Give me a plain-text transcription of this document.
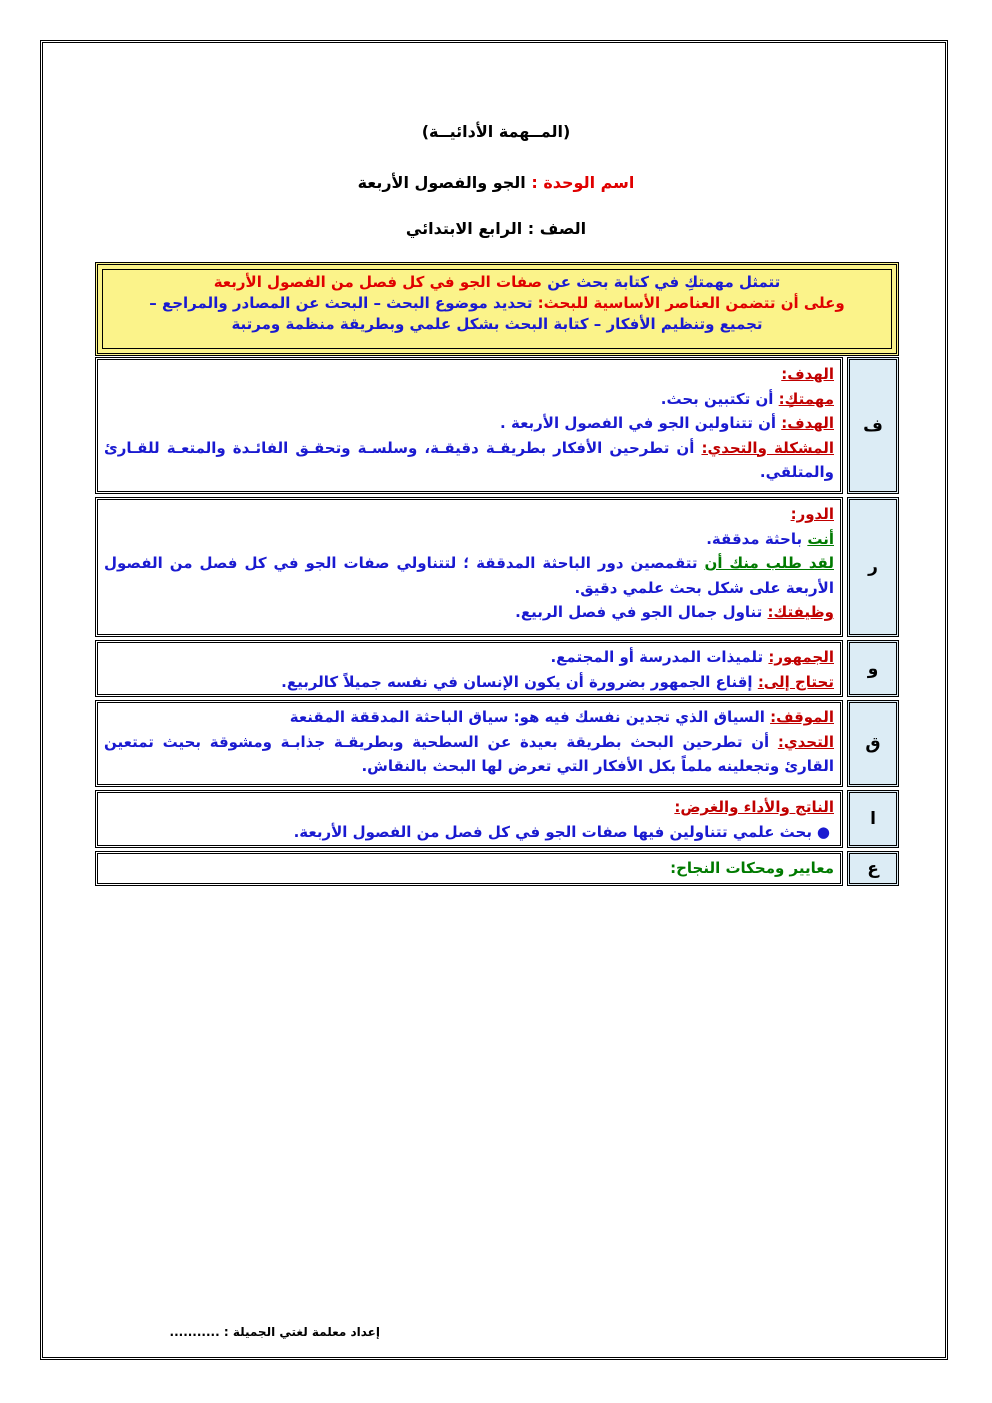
(المــهمة الأدائيــة)
اسم الوحدة : الجو والفصول الأربعة
الصف : الرابع الابتدائي
تتمثل مهمتكِ في كتابة بحث عن صفات الجو في كل فصل من الفصول الأربعة
وعلى أن تتضمن العناصر الأساسية للبحث: تحديد موضوع البحث – البحث عن المصادر والمراجع –
تجميع وتنظيم الأفكار – كتابة البحث بشكل علمي وبطريقة منظمة ومرتبة
الهدف:
مهمتكِ: أن تكتبين بحث.
الهدف: أن تتناولين الجو في الفصول الأربعة .
المشكلة والتحدي: أن تطرحين الأفكار بطريقـة دقيقـة، وسلسـة وتحقـق الفائـدة والمتعـة للقـارئ والمتلقي.
ف
الدور:
أنت باحثة مدققة.
لقد طلب منك أن تتقمصين دور الباحثة المدققة ؛ لتتناولي صفات الجو في كل فصل من الفصول الأربعة على شكل بحث علمي دقيق.
وظيفتك: تناول جمال الجو في فصل الربيع.
ر
الجمهور: تلميذات المدرسة أو المجتمع.
تحتاج إلى: إقناع الجمهور بضرورة أن يكون الإنسان في نفسه جميلاً كالربيع.
و
الموقف: السياق الذي تجدين نفسك فيه هو: سياق الباحثة المدققة المقنعة
التحدي: أن تطرحين البحث بطريقة بعيدة عن السطحية وبطريقـة جذابـة ومشوقة بحيث تمتعين القارئ وتجعلينه ملماً بكل الأفكار التي تعرض لها البحث بالنقاش.
ق
الناتج والأداء والغرض:
●
بحث علمي تتناولين فيها صفات الجو في كل فصل من الفصول الأربعة.
ا
معايير ومحكات النجاح:	ع
إعداد معلمة لغتي الجميلة : ...........
